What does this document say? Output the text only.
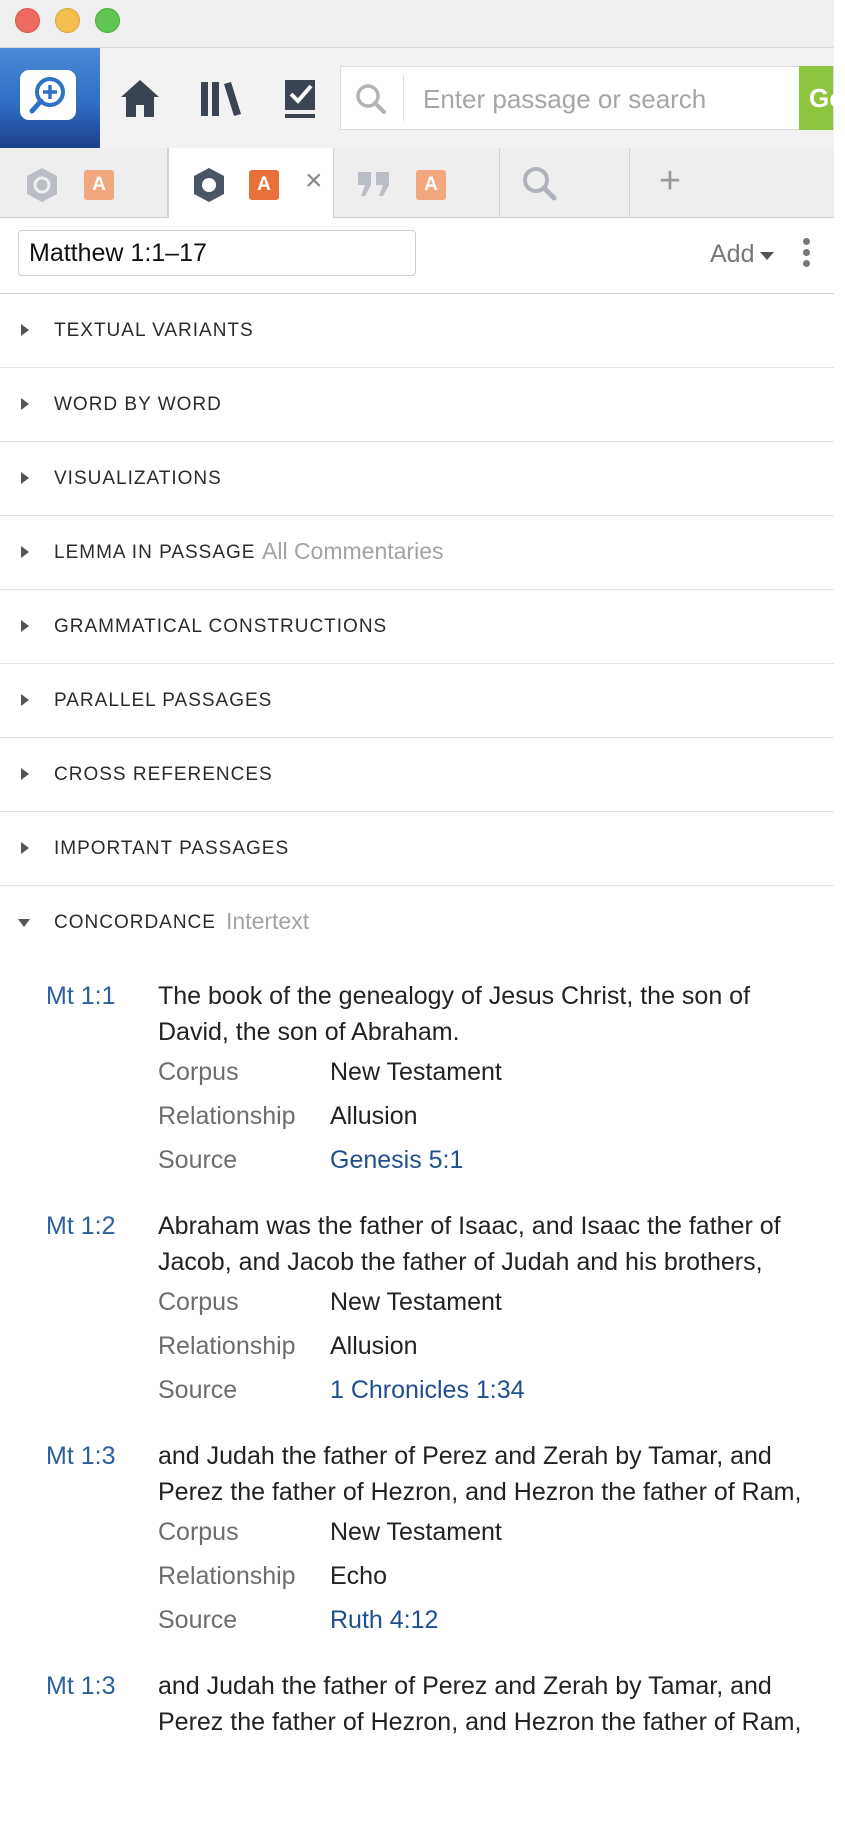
Enter passage or search
Go
A	A ×	A	+
Matthew 1:1–17
Add
TEXTUAL VARIANTS
WORD BY WORD
VISUALIZATIONS
LEMMA IN PASSAGE All Commentaries
GRAMMATICAL CONSTRUCTIONS
PARALLEL PASSAGES
CROSS REFERENCES
IMPORTANT PASSAGES
CONCORDANCE Intertext
Mt 1:1 The book of the genealogy of Jesus Christ, the son of David, the son of Abraham.
Corpus	New Testament
Relationship	Allusion
Source	Genesis 5:1
Mt 1:2 Abraham was the father of Isaac, and Isaac the father of Jacob, and Jacob the father of Judah and his brothers,
Corpus	New Testament
Relationship	Allusion
Source	1 Chronicles 1:34
Mt 1:3 and Judah the father of Perez and Zerah by Tamar, and Perez the father of Hezron, and Hezron the father of Ram,
Corpus	New Testament
Relationship	Echo
Source	Ruth 4:12
Mt 1:3 and Judah the father of Perez and Zerah by Tamar, and Perez the father of Hezron, and Hezron the father of Ram,
